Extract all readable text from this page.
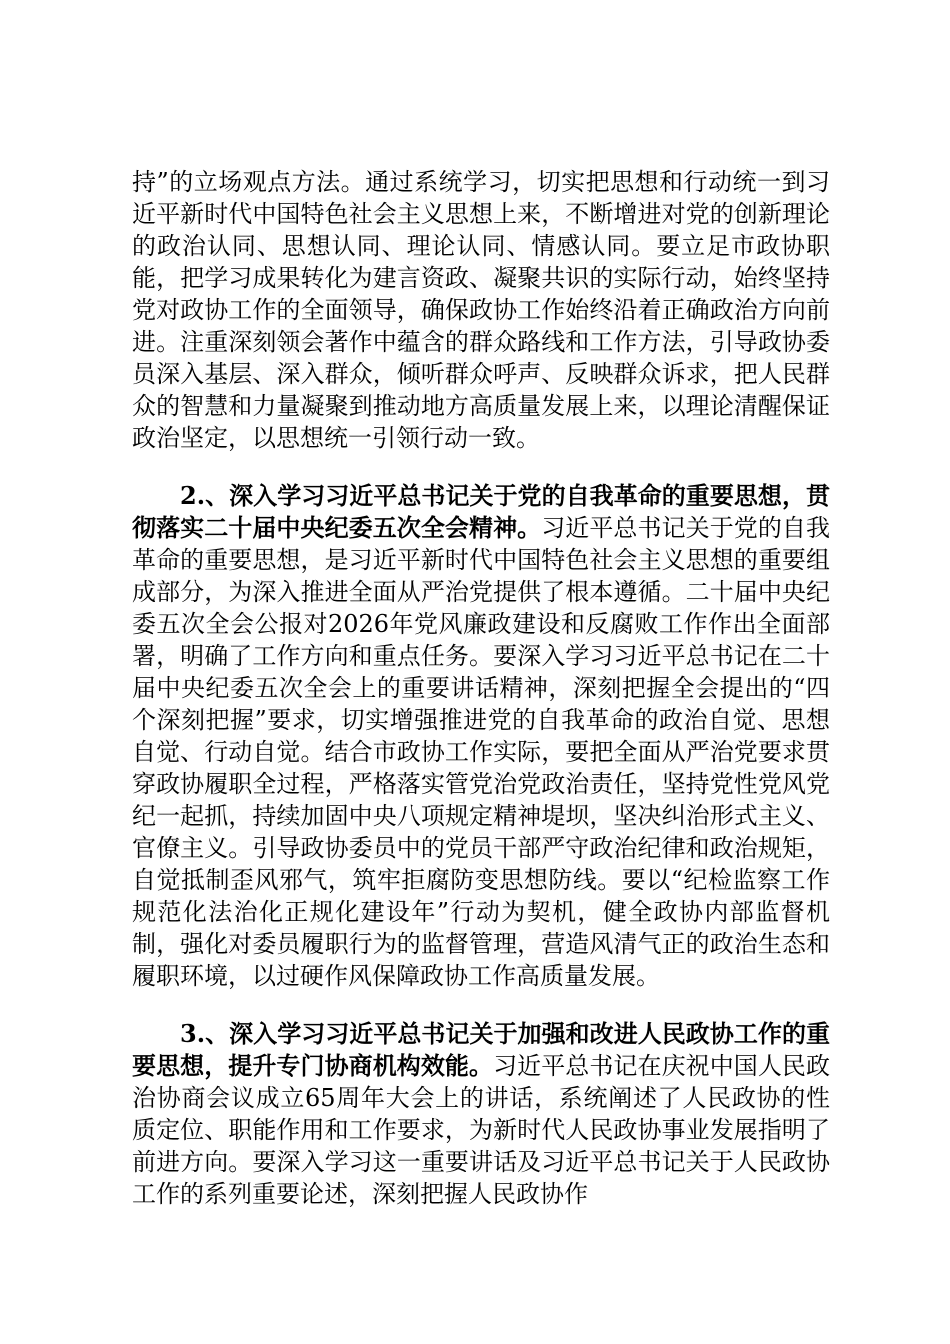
持”的立场观点方法。通过系统学习，切实把思想和行动统一到习近平新时代中国特色社会主义思想上来，不断增进对党的创新理论的政治认同、思想认同、理论认同、情感认同。要立足市政协职能，把学习成果转化为建言资政、凝聚共识的实际行动，始终坚持党对政协工作的全面领导，确保政协工作始终沿着正确政治方向前进。注重深刻领会著作中蕴含的群众路线和工作方法，引导政协委员深入基层、深入群众，倾听群众呼声、反映群众诉求，把人民群众的智慧和力量凝聚到推动地方高质量发展上来，以理论清醒保证政治坚定，以思想统一引领行动一致。

2.、深入学习习近平总书记关于党的自我革命的重要思想，贯彻落实二十届中央纪委五次全会精神。习近平总书记关于党的自我革命的重要思想，是习近平新时代中国特色社会主义思想的重要组成部分，为深入推进全面从严治党提供了根本遵循。二十届中央纪委五次全会公报对2026年党风廉政建设和反腐败工作作出全面部署，明确了工作方向和重点任务。要深入学习习近平总书记在二十届中央纪委五次全会上的重要讲话精神，深刻把握全会提出的“四个深刻把握”要求，切实增强推进党的自我革命的政治自觉、思想自觉、行动自觉。结合市政协工作实际，要把全面从严治党要求贯穿政协履职全过程，严格落实管党治党政治责任，坚持党性党风党纪一起抓，持续加固中央八项规定精神堤坝，坚决纠治形式主义、官僚主义。引导政协委员中的党员干部严守政治纪律和政治规矩，自觉抵制歪风邪气，筑牢拒腐防变思想防线。要以“纪检监察工作规范化法治化正规化建设年”行动为契机，健全政协内部监督机制，强化对委员履职行为的监督管理，营造风清气正的政治生态和履职环境，以过硬作风保障政协工作高质量发展。

3.、深入学习习近平总书记关于加强和改进人民政协工作的重要思想，提升专门协商机构效能。习近平总书记在庆祝中国人民政治协商会议成立65周年大会上的讲话，系统阐述了人民政协的性质定位、职能作用和工作要求，为新时代人民政协事业发展指明了前进方向。要深入学习这一重要讲话及习近平总书记关于人民政协工作的系列重要论述，深刻把握人民政协作
